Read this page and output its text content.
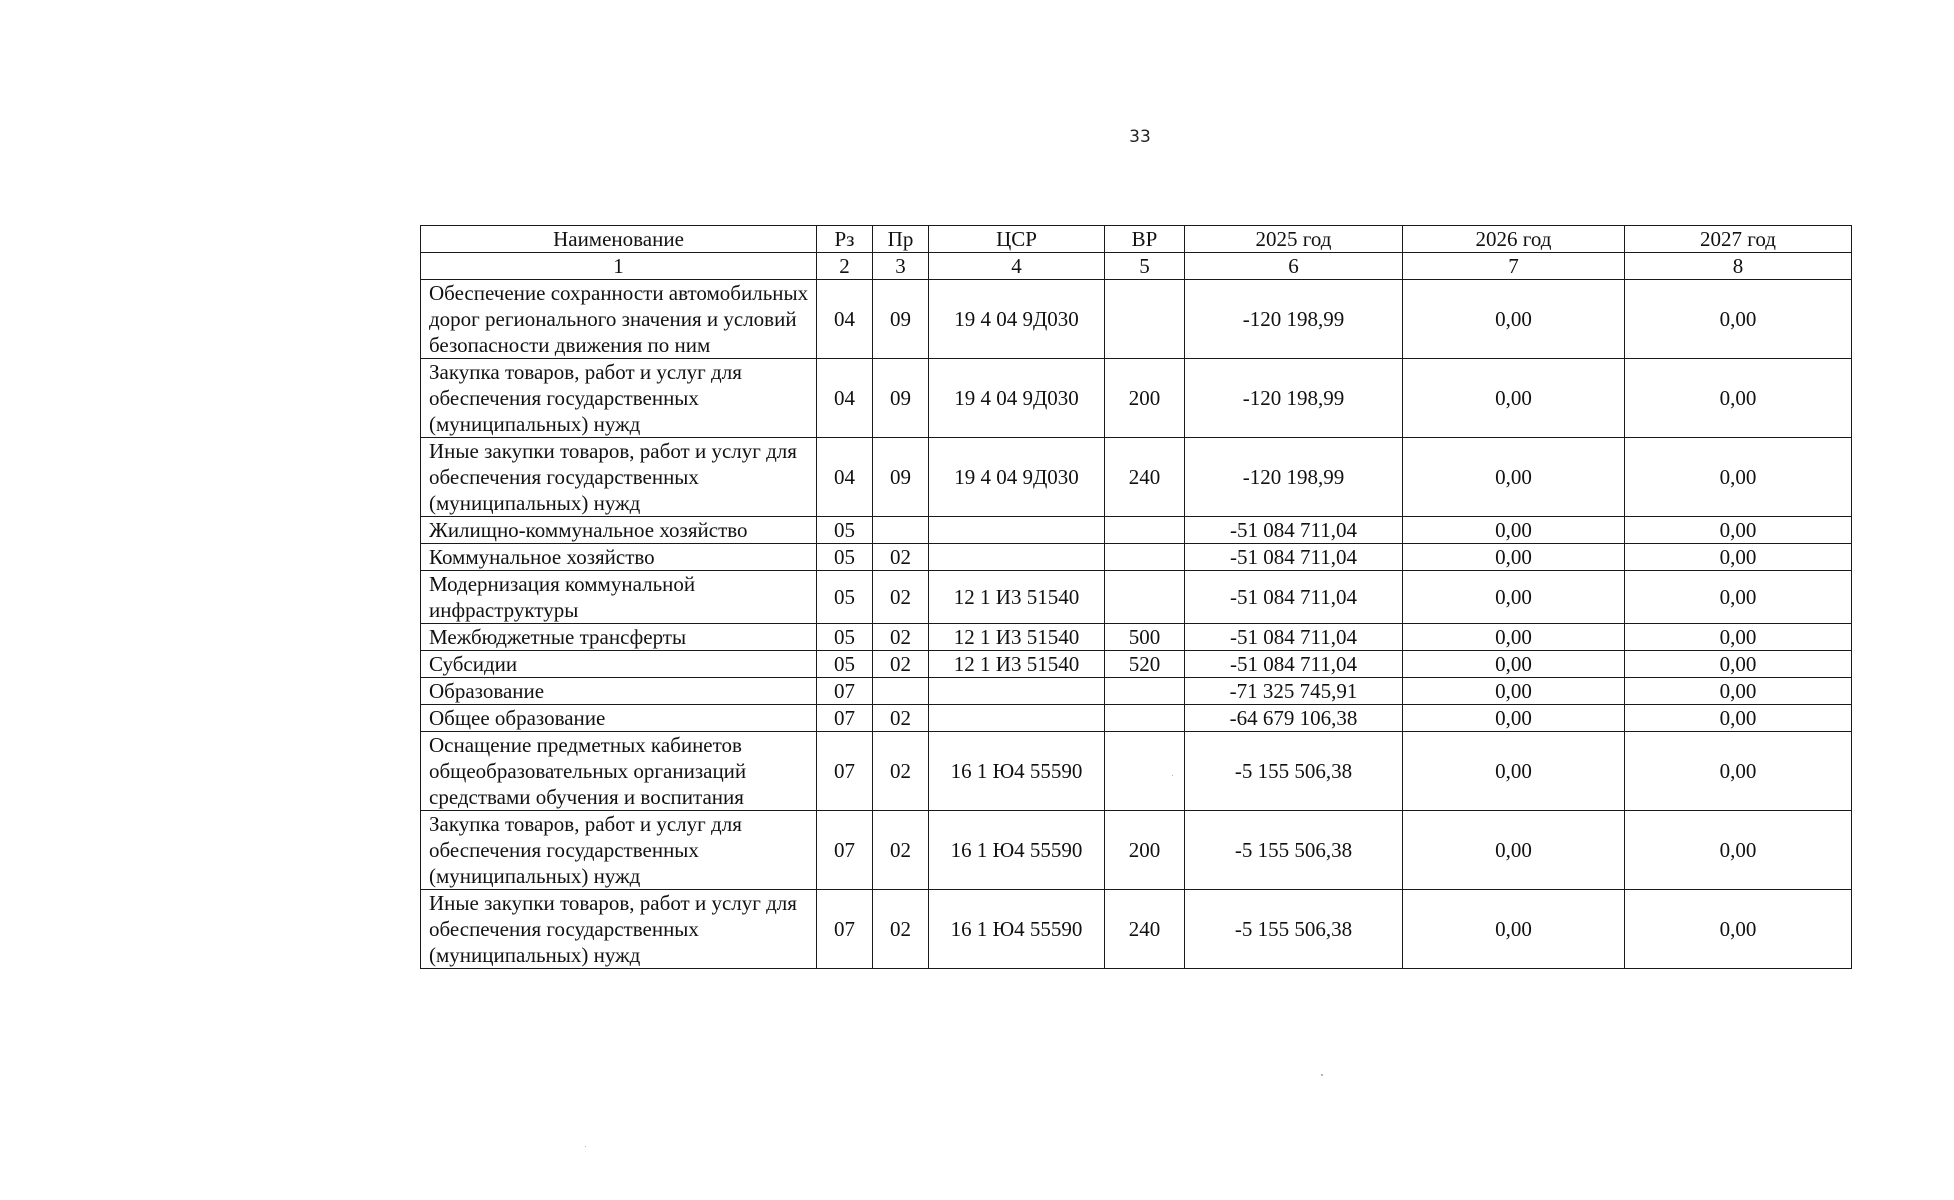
33
Наименование	Рз	Пр	ЦСР	ВР	2025 год	2026 год	2027 год
1	2	3	4	5	6	7	8
Обеспечение сохранности автомобильных дорог регионального значения и условий безопасности движения по ним	04	09	19 4 04 9Д030		-120 198,99	0,00	0,00
Закупка товаров, работ и услуг для обеспечения государственных (муниципальных) нужд	04	09	19 4 04 9Д030	200	-120 198,99	0,00	0,00
Иные закупки товаров, работ и услуг для обеспечения государственных (муниципальных) нужд	04	09	19 4 04 9Д030	240	-120 198,99	0,00	0,00
Жилищно-коммунальное хозяйство	05				-51 084 711,04	0,00	0,00
Коммунальное хозяйство	05	02			-51 084 711,04	0,00	0,00
Модернизация коммунальной инфраструктуры	05	02	12 1 И3 51540		-51 084 711,04	0,00	0,00
Межбюджетные трансферты	05	02	12 1 И3 51540	500	-51 084 711,04	0,00	0,00
Субсидии	05	02	12 1 И3 51540	520	-51 084 711,04	0,00	0,00
Образование	07				-71 325 745,91	0,00	0,00
Общее образование	07	02			-64 679 106,38	0,00	0,00
Оснащение предметных кабинетов общеобразовательных организаций средствами обучения и воспитания	07	02	16 1 Ю4 55590		-5 155 506,38	0,00	0,00
Закупка товаров, работ и услуг для обеспечения государственных (муниципальных) нужд	07	02	16 1 Ю4 55590	200	-5 155 506,38	0,00	0,00
Иные закупки товаров, работ и услуг для обеспечения государственных (муниципальных) нужд	07	02	16 1 Ю4 55590	240	-5 155 506,38	0,00	0,00
